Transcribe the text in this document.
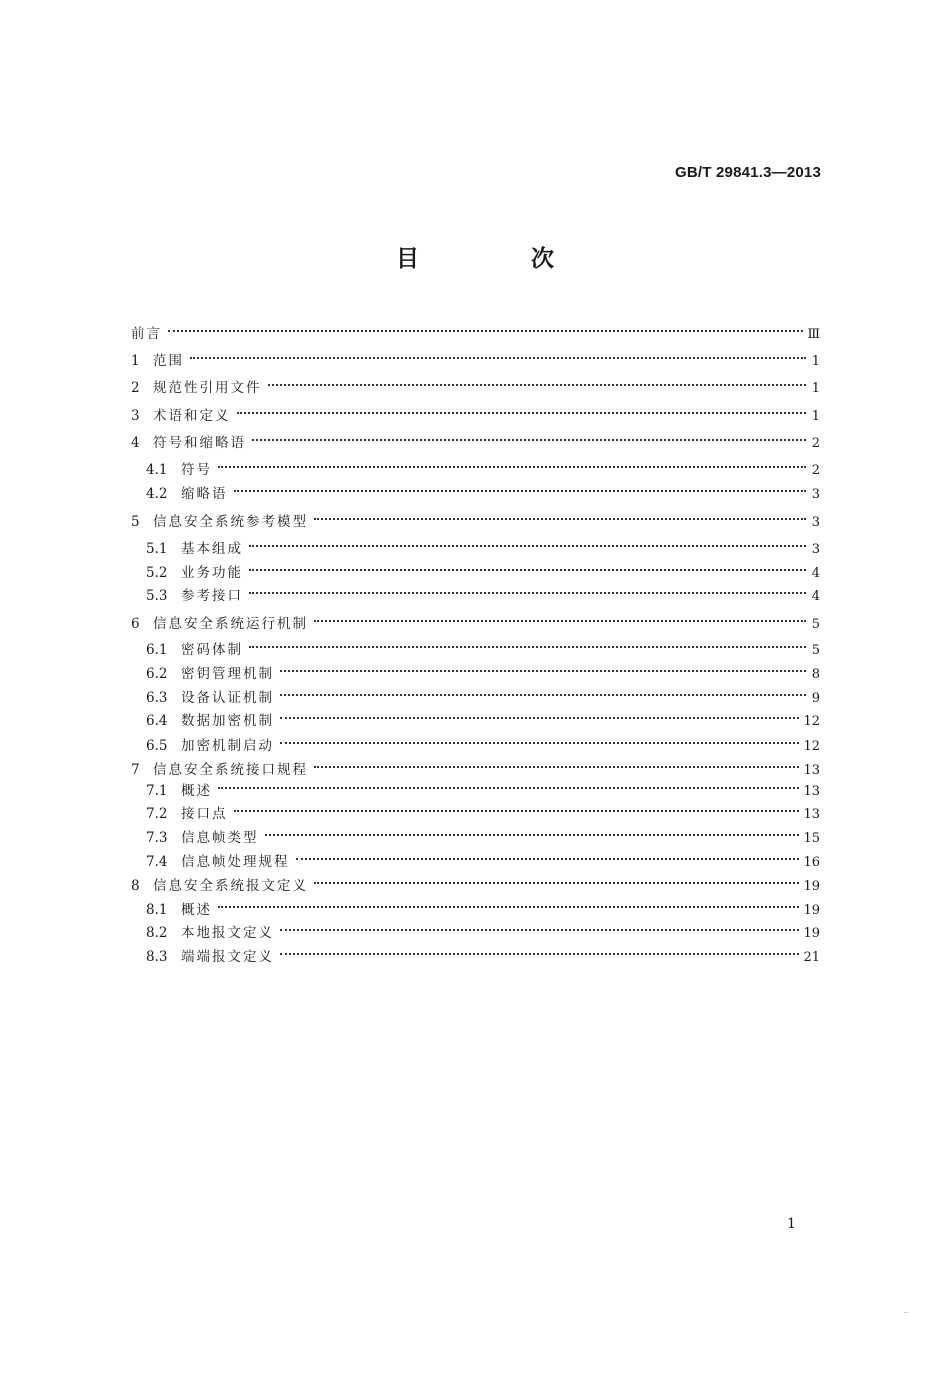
GB/T 29841.3—2013
目 次
前言	Ⅲ
1 范围	1
2 规范性引用文件	1
3 术语和定义	1
4 符号和缩略语	2
4.1	符号	2
4.2	缩略语	3
5 信息安全系统参考模型	3
5.1	基本组成	3
5.2	业务功能	4
5.3	参考接口	4
6 信息安全系统运行机制	5
6.1	密码体制	5
6.2	密钥管理机制	8
6.3	设备认证机制	9
6.4	数据加密机制	12
6.5	加密机制启动	12
7 信息安全系统接口规程	13
7.1	概述	13
7.2	接口点	13
7.3	信息帧类型	15
7.4	信息帧处理规程	16
8 信息安全系统报文定义	19
8.1	概述	19
8.2	本地报文定义	19
8.3	端端报文定义	21
1
